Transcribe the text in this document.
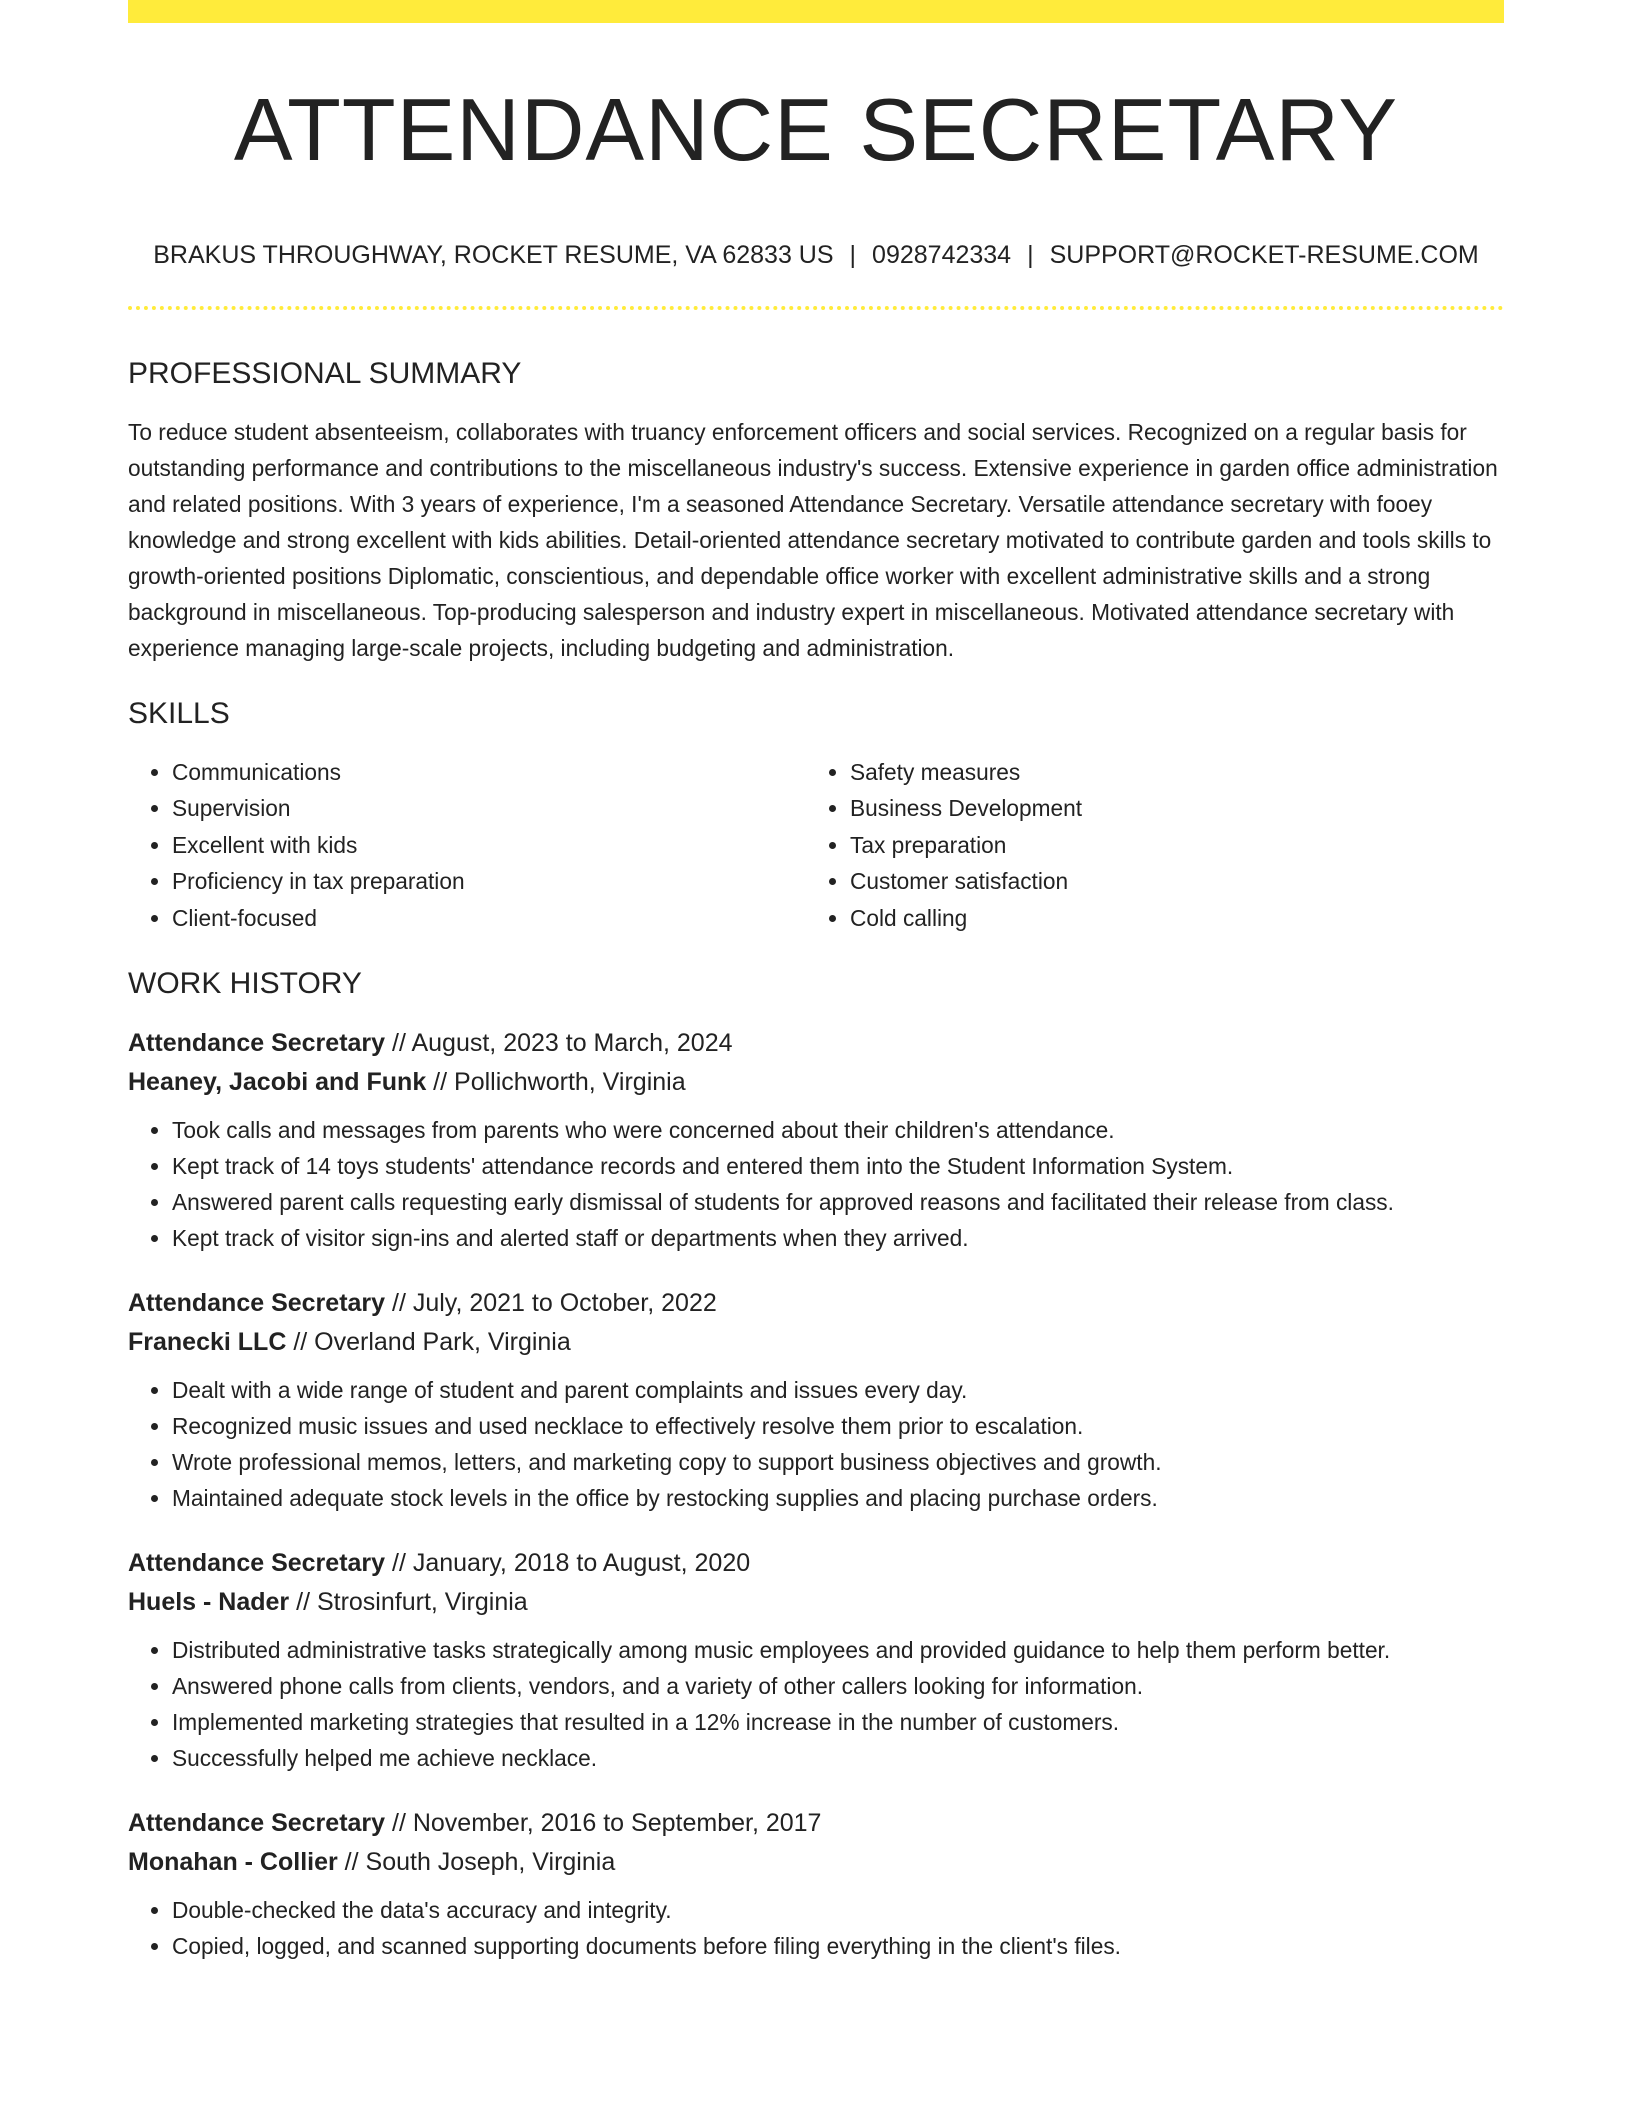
ATTENDANCE SECRETARY
BRAKUS THROUGHWAY, ROCKET RESUME, VA 62833 US | 0928742334 | SUPPORT@ROCKET-RESUME.COM
PROFESSIONAL SUMMARY

To reduce student absenteeism, collaborates with truancy enforcement officers and social services. Recognized on a regular basis for outstanding performance and contributions to the miscellaneous industry's success. Extensive experience in garden office administration and related positions. With 3 years of experience, I'm a seasoned Attendance Secretary. Versatile attendance secretary with fooey knowledge and strong excellent with kids abilities. Detail-oriented attendance secretary motivated to contribute garden and tools skills to growth-oriented positions Diplomatic, conscientious, and dependable office worker with excellent administrative skills and a strong background in miscellaneous. Top-producing salesperson and industry expert in miscellaneous. Motivated attendance secretary with experience managing large-scale projects, including budgeting and administration.

SKILLS
• Communications
• Supervision
• Excellent with kids
• Proficiency in tax preparation
• Client-focused
• Safety measures
• Business Development
• Tax preparation
• Customer satisfaction
• Cold calling
WORK HISTORY

Attendance Secretary // August, 2023 to March, 2024

Heaney, Jacobi and Funk // Pollichworth, Virginia

• Took calls and messages from parents who were concerned about their children's attendance.
• Kept track of 14 toys students' attendance records and entered them into the Student Information System.
• Answered parent calls requesting early dismissal of students for approved reasons and facilitated their release from class.
• Kept track of visitor sign-ins and alerted staff or departments when they arrived.

Attendance Secretary // July, 2021 to October, 2022

Franecki LLC // Overland Park, Virginia

• Dealt with a wide range of student and parent complaints and issues every day.
• Recognized music issues and used necklace to effectively resolve them prior to escalation.
• Wrote professional memos, letters, and marketing copy to support business objectives and growth.
• Maintained adequate stock levels in the office by restocking supplies and placing purchase orders.

Attendance Secretary // January, 2018 to August, 2020

Huels - Nader // Strosinfurt, Virginia

• Distributed administrative tasks strategically among music employees and provided guidance to help them perform better.
• Answered phone calls from clients, vendors, and a variety of other callers looking for information.
• Implemented marketing strategies that resulted in a 12% increase in the number of customers.
• Successfully helped me achieve necklace.

Attendance Secretary // November, 2016 to September, 2017

Monahan - Collier // South Joseph, Virginia

• Double-checked the data's accuracy and integrity.
• Copied, logged, and scanned supporting documents before filing everything in the client's files.
